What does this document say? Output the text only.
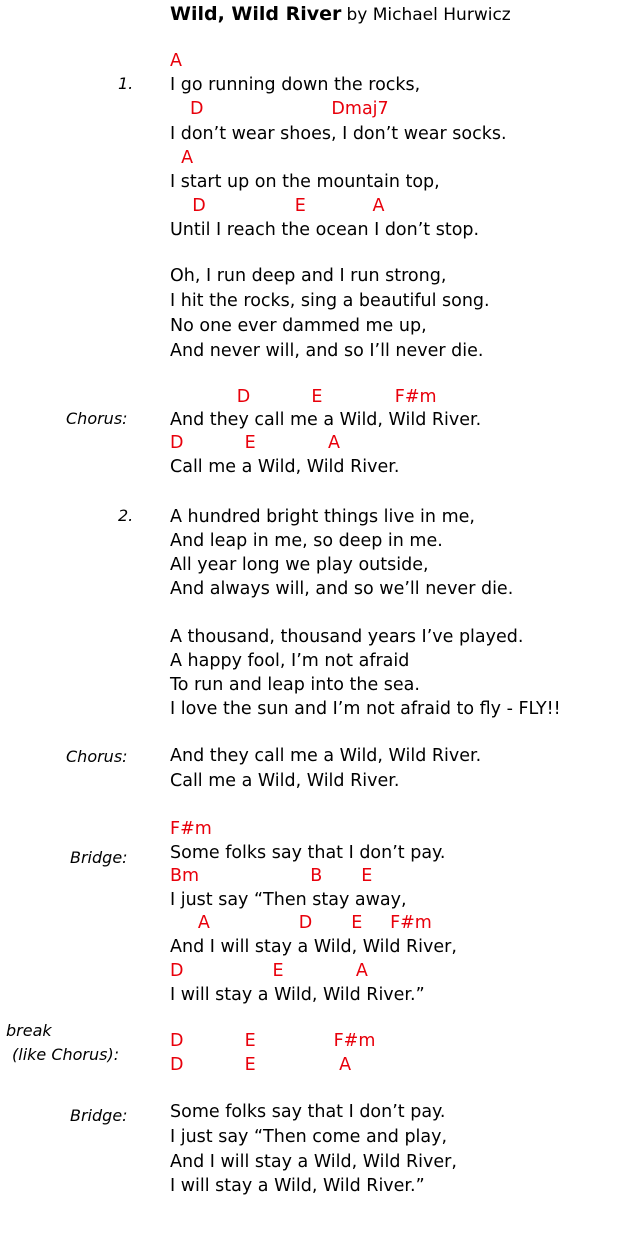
Wild, Wild River by Michael Hurwicz
1.
A
I go running down the rocks,
D                       Dmaj7
I don’t wear shoes, I don’t wear socks.
A
I start up on the mountain top,
D                E            A
Until I reach the ocean I don’t stop.
Oh, I run deep and I run strong,
I hit the rocks, sing a beautiful song.
No one ever dammed me up,
And never will, and so I’ll never die.
D           E             F#m
Chorus: And they call me a Wild, Wild River.
D           E             A
Call me a Wild, Wild River.
2. A hundred bright things live in me,
And leap in me, so deep in me.
All year long we play outside,
And always will, and so we’ll never die.
A thousand, thousand years I’ve played.
A happy fool, I’m not afraid
To run and leap into the sea.
I love the sun and I’m not afraid to fly - FLY!!
Chorus: And they call me a Wild, Wild River.
Call me a Wild, Wild River.
F#m
Bridge: Some folks say that I don’t pay.
Bm                    B       E
I just say “Then stay away,
A                D       E     F#m
And I will stay a Wild, Wild River,
D                E             A
I will stay a Wild, Wild River.”
break
(like Chorus):
D           E              F#m
D           E               A
Bridge: Some folks say that I don’t pay.
I just say “Then come and play,
And I will stay a Wild, Wild River,
I will stay a Wild, Wild River.”
